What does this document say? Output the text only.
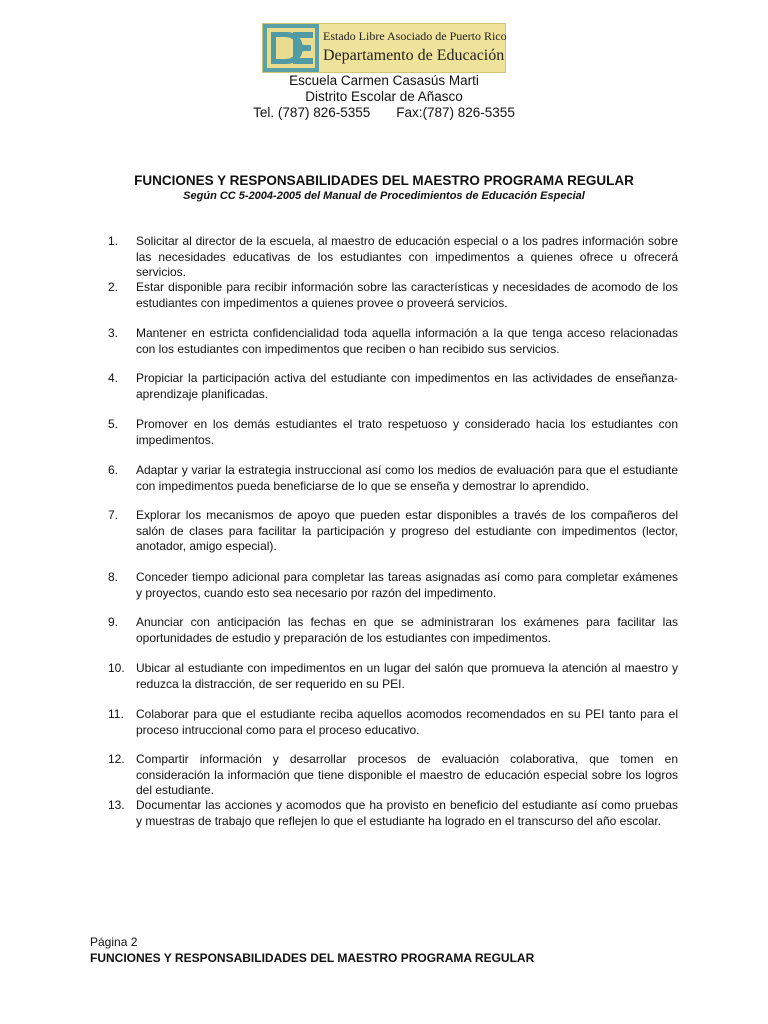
Estado Libre Asociado de Puerto Rico
Departamento de Educación
Escuela Carmen Casasús Marti
Distrito Escolar de Añasco
Tel. (787) 826-5355 Fax:(787) 826-5355
FUNCIONES Y RESPONSABILIDADES DEL MAESTRO PROGRAMA REGULAR
Según CC 5-2004-2005 del Manual de Procedimientos de Educación Especial
1.	Solicitar al director de la escuela, al maestro de educación especial o a los padres información sobre las necesidades educativas de los estudiantes con impedimentos a quienes ofrece u ofrecerá servicios.
2.	Estar disponible para recibir información sobre las características y necesidades de acomodo de los estudiantes con impedimentos a quienes provee o proveerá servicios.
3.	Mantener en estricta confidencialidad toda aquella información a la que tenga acceso relacionadas con los estudiantes con impedimentos que reciben o han recibido sus servicios.
4.	Propiciar la participación activa del estudiante con impedimentos en las actividades de enseñanza-aprendizaje planificadas.
5.	Promover en los demás estudiantes el trato respetuoso y considerado hacia los estudiantes con impedimentos.
6.	Adaptar y variar la estrategia instruccional así como los medios de evaluación para que el estudiante con impedimentos pueda beneficiarse de lo que se enseña y demostrar lo aprendido.
7.	Explorar los mecanismos de apoyo que pueden estar disponibles a través de los compañeros del salón de clases para facilitar la participación y progreso del estudiante con impedimentos (lector, anotador, amigo especial).
8.	Conceder tiempo adicional para completar las tareas asignadas así como para completar exámenes y proyectos, cuando esto sea necesario por razón del impedimento.
9.	Anunciar con anticipación las fechas en que se administraran los exámenes para facilitar las oportunidades de estudio y preparación de los estudiantes con impedimentos.
10. Ubicar al estudiante con impedimentos en un lugar del salón que promueva la atención al maestro y reduzca la distracción, de ser requerido en su PEI.
11.	Colaborar para que el estudiante reciba aquellos acomodos recomendados en su PEI tanto para el proceso intruccional como para el proceso educativo.
12. Compartir información y desarrollar procesos de evaluación colaborativa, que tomen en consideración la información que tiene disponible el maestro de educación especial sobre los logros del estudiante.
13. Documentar las acciones y acomodos que ha provisto en beneficio del estudiante así como pruebas y muestras de trabajo que reflejen lo que el estudiante ha logrado en el transcurso del año escolar.
Página 2
FUNCIONES Y RESPONSABILIDADES DEL MAESTRO PROGRAMA REGULAR
